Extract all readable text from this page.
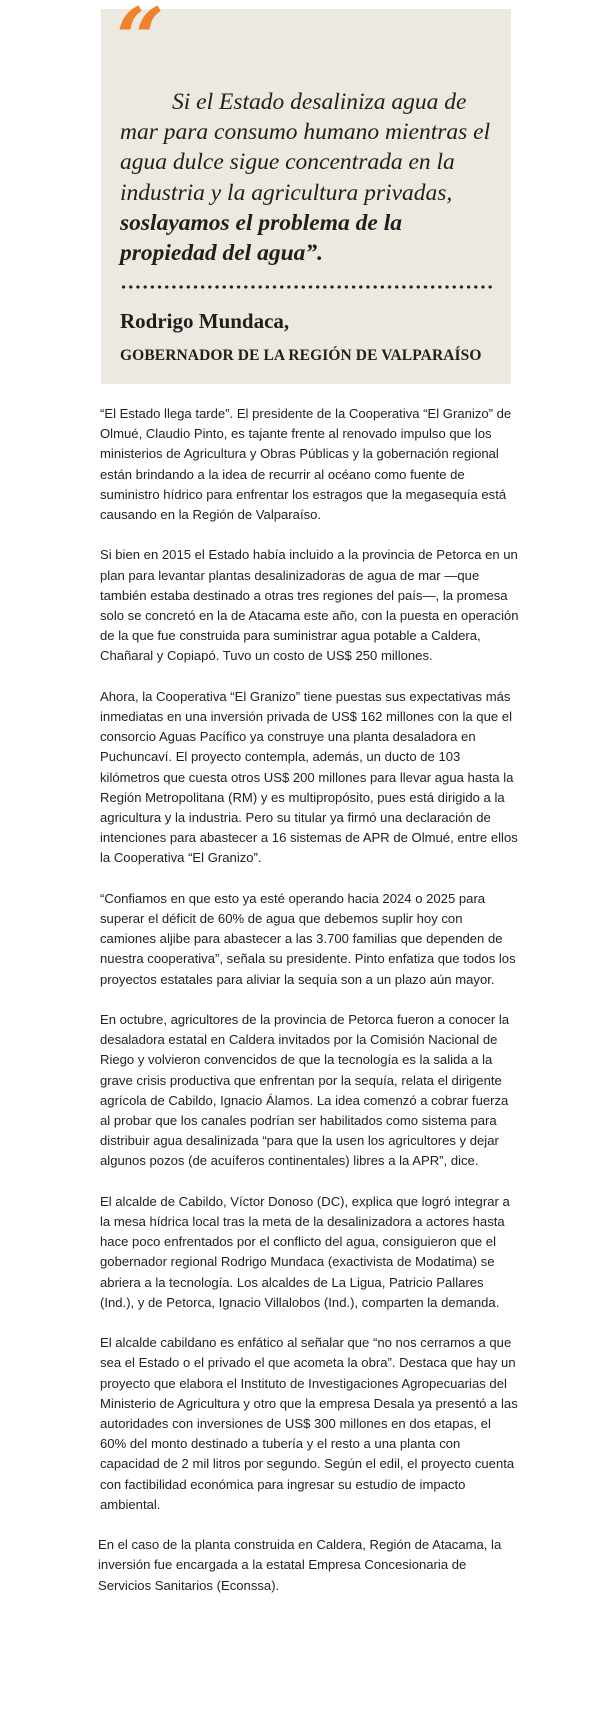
“

Si el Estado desaliniza agua de mar para consumo humano mientras el agua dulce sigue concentrada en la industria y la agricultura privadas, soslayamos el problema de la propiedad del agua”.

Rodrigo Mundaca,

GOBERNADOR DE LA REGIÓN DE VALPARAÍSO

“El Estado llega tarde”. El presidente de la Cooperativa “El Granizo” de Olmué, Claudio Pinto, es tajante frente al renovado impulso que los ministerios de Agricultura y Obras Públicas y la gobernación regional están brindando a la idea de recurrir al océano como fuente de suministro hídrico para enfrentar los estragos que la megasequía está causando en la Región de Valparaíso.

Si bien en 2015 el Estado había incluido a la provincia de Petorca en un plan para levantar plantas desalinizadoras de agua de mar —que también estaba destinado a otras tres regiones del país—, la promesa solo se concretó en la de Atacama este año, con la puesta en operación de la que fue construida para suministrar agua potable a Caldera, Chañaral y Copiapó. Tuvo un costo de US$ 250 millones.

Ahora, la Cooperativa “El Granizo” tiene puestas sus expectativas más inmediatas en una inversión privada de US$ 162 millones con la que el consorcio Aguas Pacífico ya construye una planta desaladora en Puchuncaví. El proyecto contempla, además, un ducto de 103 kilómetros que cuesta otros US$ 200 millones para llevar agua hasta la Región Metropolitana (RM) y es multipropósito, pues está dirigido a la agricultura y la industria. Pero su titular ya firmó una declaración de intenciones para abastecer a 16 sistemas de APR de Olmué, entre ellos la Cooperativa “El Granizo”.

“Confiamos en que esto ya esté operando hacia 2024 o 2025 para superar el déficit de 60% de agua que debemos suplir hoy con camiones aljibe para abastecer a las 3.700 familias que dependen de nuestra cooperativa”, señala su presidente. Pinto enfatiza que todos los proyectos estatales para aliviar la sequía son a un plazo aún mayor.

En octubre, agricultores de la provincia de Petorca fueron a conocer la desaladora estatal en Caldera invitados por la Comisión Nacional de Riego y volvieron convencidos de que la tecnología es la salida a la grave crisis productiva que enfrentan por la sequía, relata el dirigente agrícola de Cabildo, Ignacio Álamos. La idea comenzó a cobrar fuerza al probar que los canales podrían ser habilitados como sistema para distribuir agua desalinizada “para que la usen los agricultores y dejar algunos pozos (de acuíferos continentales) libres a la APR”, dice.

El alcalde de Cabildo, Víctor Donoso (DC), explica que logró integrar a la mesa hídrica local tras la meta de la desalinizadora a actores hasta hace poco enfrentados por el conflicto del agua, consiguieron que el gobernador regional Rodrigo Mundaca (exactivista de Modatima) se abriera a la tecnología. Los alcaldes de La Ligua, Patricio Pallares (Ind.), y de Petorca, Ignacio Villalobos (Ind.), comparten la demanda.

El alcalde cabildano es enfático al señalar que “no nos cerramos a que sea el Estado o el privado el que acometa la obra”. Destaca que hay un proyecto que elabora el Instituto de Investigaciones Agropecuarias del Ministerio de Agricultura y otro que la empresa Desala ya presentó a las autoridades con inversiones de US$ 300 millones en dos etapas, el 60% del monto destinado a tubería y el resto a una planta con capacidad de 2 mil litros por segundo. Según el edil, el proyecto cuenta con factibilidad económica para ingresar su estudio de impacto ambiental.

En el caso de la planta construida en Caldera, Región de Atacama, la inversión fue encargada a la estatal Empresa Concesionaria de Servicios Sanitarios (Econssa).
